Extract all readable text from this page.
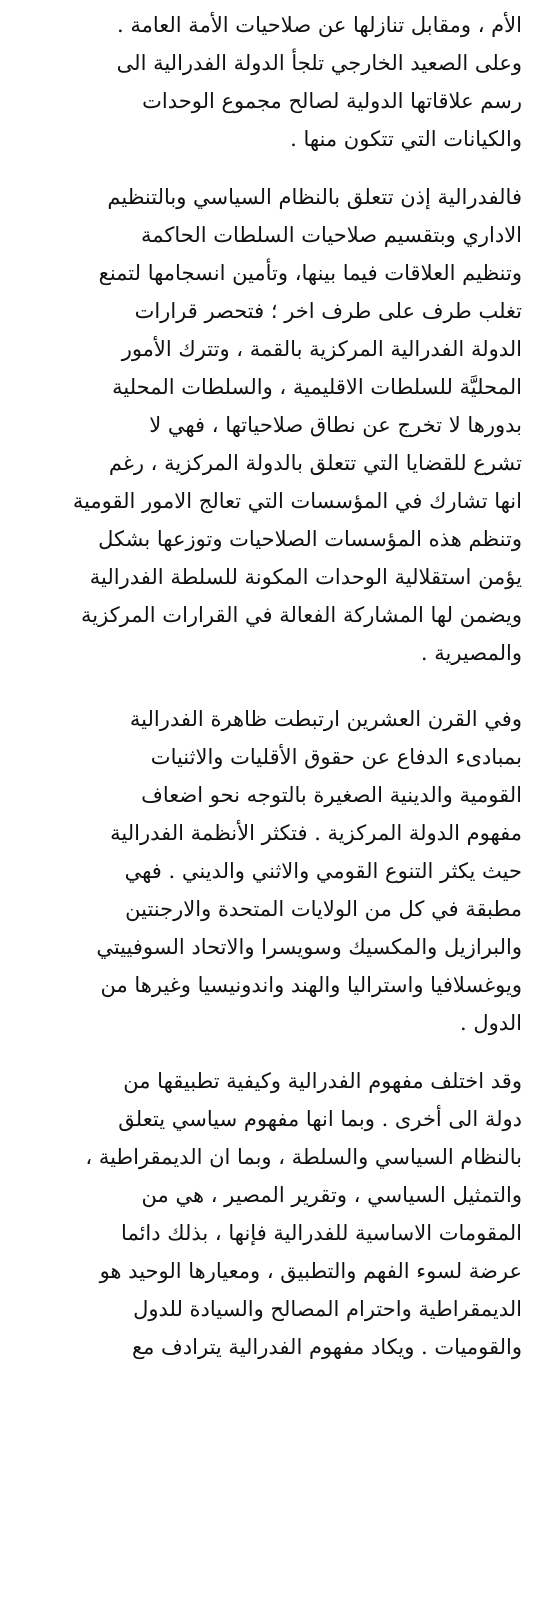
الأم ، ومقابل تنازلها عن صلاحيات الأمة العامة .
وعلى الصعيد الخارجي تلجأ الدولة الفدرالية الى
رسم علاقاتها الدولية لصالح مجموع الوحدات
والكيانات التي تتكون منها .

فالفدرالية إذن تتعلق بالنظام السياسي وبالتنظيم
الاداري وبتقسيم صلاحيات السلطات الحاكمة
وتنظيم العلاقات فيما بينها، وتأمين انسجامها لتمنع
تغلب طرف على طرف اخر ؛ فتحصر قرارات
الدولة الفدرالية المركزية بالقمة ، وتترك الأمور
المحليَّة للسلطات الاقليمية ، والسلطات المحلية
بدورها لا تخرج عن نطاق صلاحياتها ، فهي لا
تشرع للقضايا التي تتعلق بالدولة المركزية ، رغم
انها تشارك في المؤسسات التي تعالج الامور القومية
وتنظم هذه المؤسسات الصلاحيات وتوزعها بشكل
يؤمن استقلالية الوحدات المكونة للسلطة الفدرالية
ويضمن لها المشاركة الفعالة في القرارات المركزية
والمصيرية .

وفي القرن العشرين ارتبطت ظاهرة الفدرالية
بمبادىء الدفاع عن حقوق الأقليات والاثنيات
القومية والدينية الصغيرة بالتوجه نحو اضعاف
مفهوم الدولة المركزية . فتكثر الأنظمة الفدرالية
حيث يكثر التنوع القومي والاثني والديني . فهي
مطبقة في كل من الولايات المتحدة والارجنتين
والبرازيل والمكسيك وسويسرا والاتحاد السوفييتي
ويوغسلافيا واستراليا والهند واندونيسيا وغيرها من
الدول .

وقد اختلف مفهوم الفدرالية وكيفية تطبيقها من
دولة الى أخرى . وبما انها مفهوم سياسي يتعلق
بالنظام السياسي والسلطة ، وبما ان الديمقراطية ،
والتمثيل السياسي ، وتقرير المصير ، هي من
المقومات الاساسية للفدرالية فإنها ، بذلك دائما
عرضة لسوء الفهم والتطبيق ، ومعيارها الوحيد هو
الديمقراطية واحترام المصالح والسيادة للدول
والقوميات . ويكاد مفهوم الفدرالية يترادف مع
